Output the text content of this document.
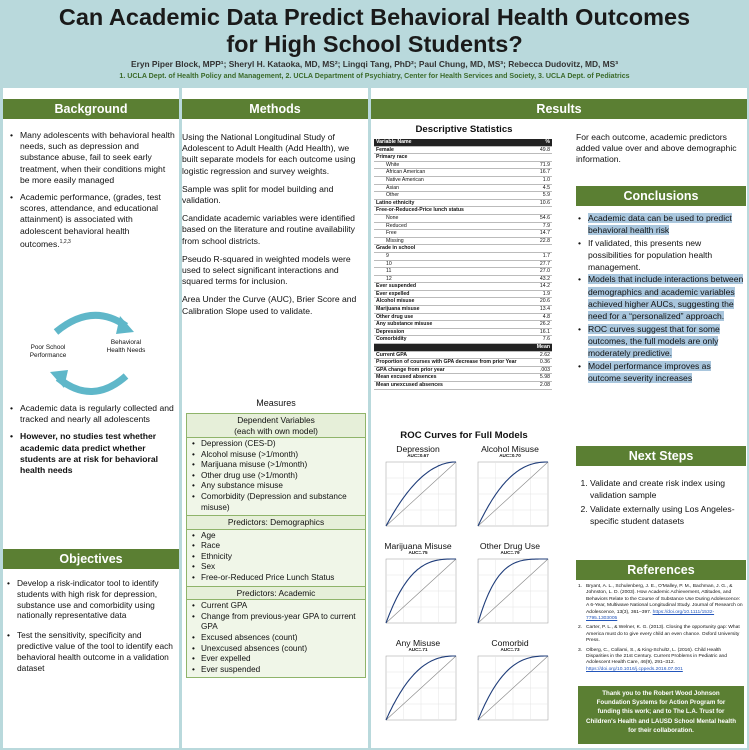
Can Academic Data Predict Behavioral Health Outcomes
for High School Students?
Eryn Piper Block, MPP¹; Sheryl H. Kataoka, MD, MS²; Lingqi Tang, PhD²; Paul Chung, MD, MS³; Rebecca Dudovitz, MD, MS³
1. UCLA Dept. of Health Policy and Management, 2. UCLA Department of Psychiatry, Center for Health Services and Society, 3. UCLA Dept. of Pediatrics
Background
• Many adolescents with behavioral health needs, such as depression and substance abuse, fail to seek early treatment, when their conditions might be more easily managed
• Academic performance, (grades, test scores, attendance, and educational attainment) is associated with adolescent behavioral health outcomes.$^{1,2,3}$
Poor School Performance
Behavioral Health Needs
• Academic data is regularly collected and tracked and nearly all adolescents
• However, no studies test whether academic data predict whether students are at risk for behavioral health needs
Objectives
• Develop a risk-indicator tool to identify students with high risk for depression, substance use and comorbidity using nationally representative data
• Test the sensitivity, specificity and predictive value of the tool to identify each behavioral health outcome in a validation dataset
Methods

Using the National Longitudinal Study of Adolescent to Adult Health (Add Health), we built separate models for each outcome using logistic regression and survey weights.

Sample was split for model building and validation.

Candidate academic variables were identified based on the literature and routine availability from school districts.

Pseudo R-squared in weighted models were used to select significant interactions and squared terms for inclusion.

Area Under the Curve (AUC), Brier Score and Calibration Slope used to validate.

Measures
Dependent Variables
(each with own model)
• Depression (CES-D)
• Alcohol misuse (>1/month)
• Marijuana misuse (>1/month)
• Other drug use (>1/month)
• Any substance misuse
• Comorbidity (Depression and substance misuse)
Predictors: Demographics
• Age
• Race
• Ethnicity
• Sex
• Free-or-Reduced Price Lunch Status
Predictors: Academic
• Current GPA
• Change from previous-year GPA to current GPA
• Excused absences (count)
• Unexcused absences (count)
• Ever expelled
• Ever suspended
Results
Descriptive Statistics
Variable Name	%
Female	49.8
Primary race	
White	71.9
African American	16.7
Native American	1.0
Asian	4.5
Other	5.9
Latino ethnicity	10.6
Free-or-Reduced-Price lunch status	
None	54.6
Reduced	7.9
Free	14.7
Missing	22.8
Grade in school	
9	1.7
10	27.7
11	27.0
12	43.2
Ever suspended	14.2
Ever expelled	1.9
Alcohol misuse	20.6
Marijuana misuse	13.4
Other drug use	4.8
Any substance misuse	26.2
Depression	16.1
Comorbidity	7.6
	Mean
Current GPA	2.62
Proportion of courses with GPA decrease from prior Year	0.36
GPA change from prior year	.003
Mean excused absences	5.98
Mean unexcused absences	2.08
For each outcome, academic predictors added value over and above demographic information.
ROC Curves for Full Models
Depression
AUC=0.67
Alcohol Misuse
AUC=0.70
Marijuana Misuse
AUC=.75
Other Drug Use
AUC=.79
Any Misuse
AUC=.71
Comorbid
AUC=.73
Conclusions
• Academic data can be used to predict behavioral health risk
• If validated, this presents new possibilities for population health management.
• Models that include interactions between demographics and academic variables achieved higher AUCs, suggesting the need for a “personalized” approach.
• ROC curves suggest that for some outcomes, the full models are only moderately predictive.
• Model performance improves as outcome severity increases
Next Steps
1. Validate and create risk index using validation sample
2. Validate externally using Los Angeles-specific student datasets
References
1. Bryant, A. L., Schulenberg, J. E., O'Malley, P. M., Bachman, J. G., & Johnston, L. D. (2003). How Academic Achievement, Attitudes, and Behaviors Relate to the Course of Substance Use During Adolescence: A 6-Year, Multiwave National Longitudinal Study. Journal of Research on Adolescence, 13(3), 361–397. https://doi.org/10.1111/1532-7795.1303005
2. Carter, P. L., & Welner, K. G. (2013). Closing the opportunity gap: What America must do to give every child an even chance. Oxford University Press.
3. Olberg, C., Collami, S., & King-Schultz, L. (2016). Child Health Disparities in the 21st Century. Current Problems in Pediatric and Adolescent Health Care, 46(9), 291–312. https://doi.org/10.1016/j.cppeds.2016.07.001
Thank you to the Robert Wood Johnson Foundation Systems for Action Program for funding this work; and to The L.A. Trust for Children's Health and LAUSD School Mental health for their collaboration.
